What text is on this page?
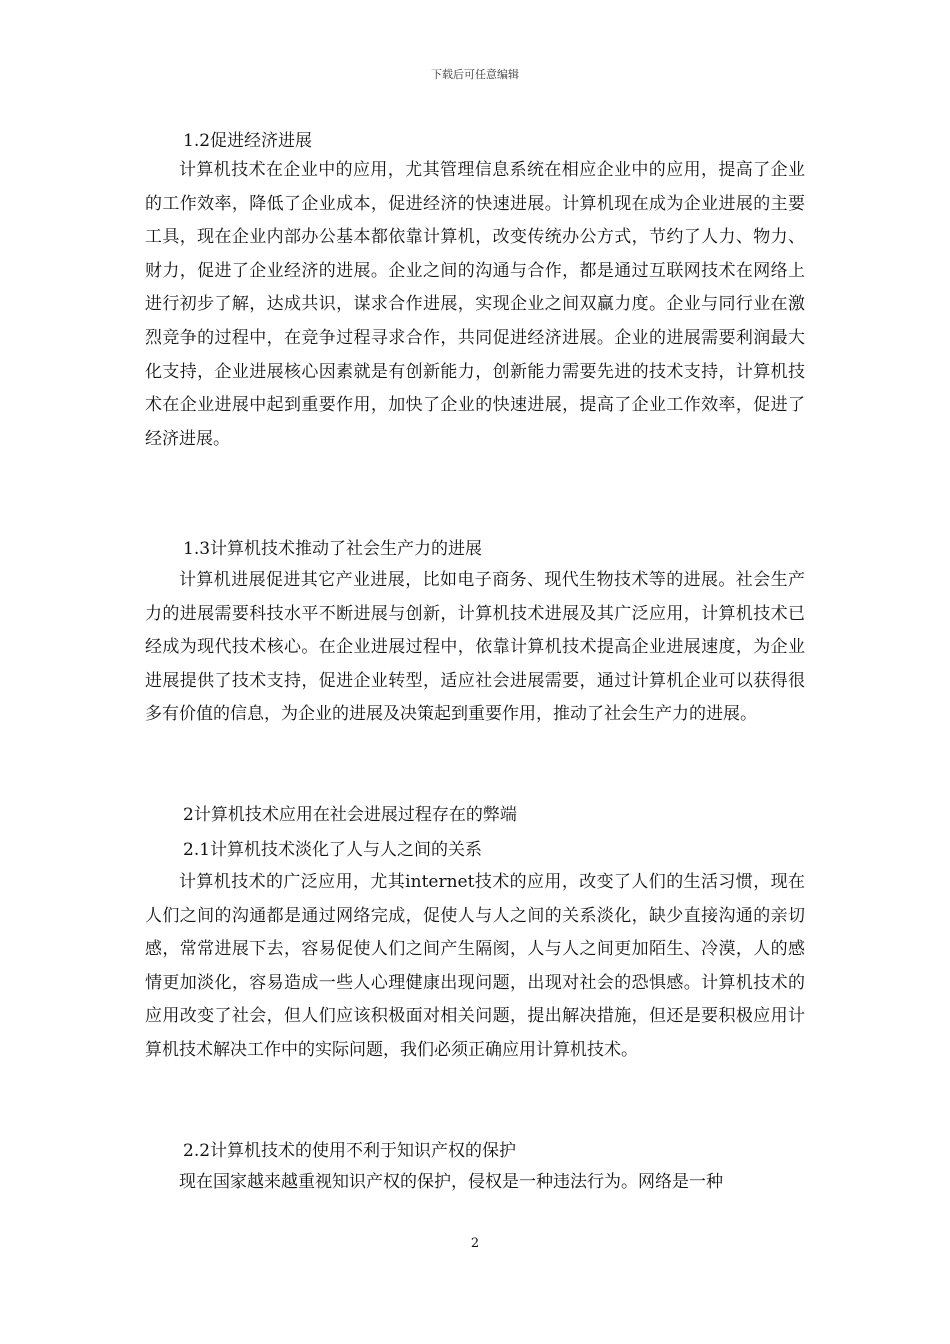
下载后可任意编辑

1.2促进经济进展

计算机技术在企业中的应用，尤其管理信息系统在相应企业中的应用，提高了企业的工作效率，降低了企业成本，促进经济的快速进展。计算机现在成为企业进展的主要工具，现在企业内部办公基本都依靠计算机，改变传统办公方式，节约了人力、物力、财力，促进了企业经济的进展。企业之间的沟通与合作，都是通过互联网技术在网络上进行初步了解，达成共识，谋求合作进展，实现企业之间双赢力度。企业与同行业在激烈竞争的过程中，在竞争过程寻求合作，共同促进经济进展。企业的进展需要利润最大化支持，企业进展核心因素就是有创新能力，创新能力需要先进的技术支持，计算机技术在企业进展中起到重要作用，加快了企业的快速进展，提高了企业工作效率，促进了经济进展。

1.3计算机技术推动了社会生产力的进展

计算机进展促进其它产业进展，比如电子商务、现代生物技术等的进展。社会生产力的进展需要科技水平不断进展与创新，计算机技术进展及其广泛应用，计算机技术已经成为现代技术核心。在企业进展过程中，依靠计算机技术提高企业进展速度，为企业进展提供了技术支持，促进企业转型，适应社会进展需要，通过计算机企业可以获得很多有价值的信息，为企业的进展及决策起到重要作用，推动了社会生产力的进展。

2计算机技术应用在社会进展过程存在的弊端

2.1计算机技术淡化了人与人之间的关系

计算机技术的广泛应用，尤其internet技术的应用，改变了人们的生活习惯，现在人们之间的沟通都是通过网络完成，促使人与人之间的关系淡化，缺少直接沟通的亲切感，常常进展下去，容易促使人们之间产生隔阂，人与人之间更加陌生、冷漠，人的感情更加淡化，容易造成一些人心理健康出现问题，出现对社会的恐惧感。计算机技术的应用改变了社会，但人们应该积极面对相关问题，提出解决措施，但还是要积极应用计算机技术解决工作中的实际问题，我们必须正确应用计算机技术。

2.2计算机技术的使用不利于知识产权的保护

现在国家越来越重视知识产权的保护，侵权是一种违法行为。网络是一种

2
